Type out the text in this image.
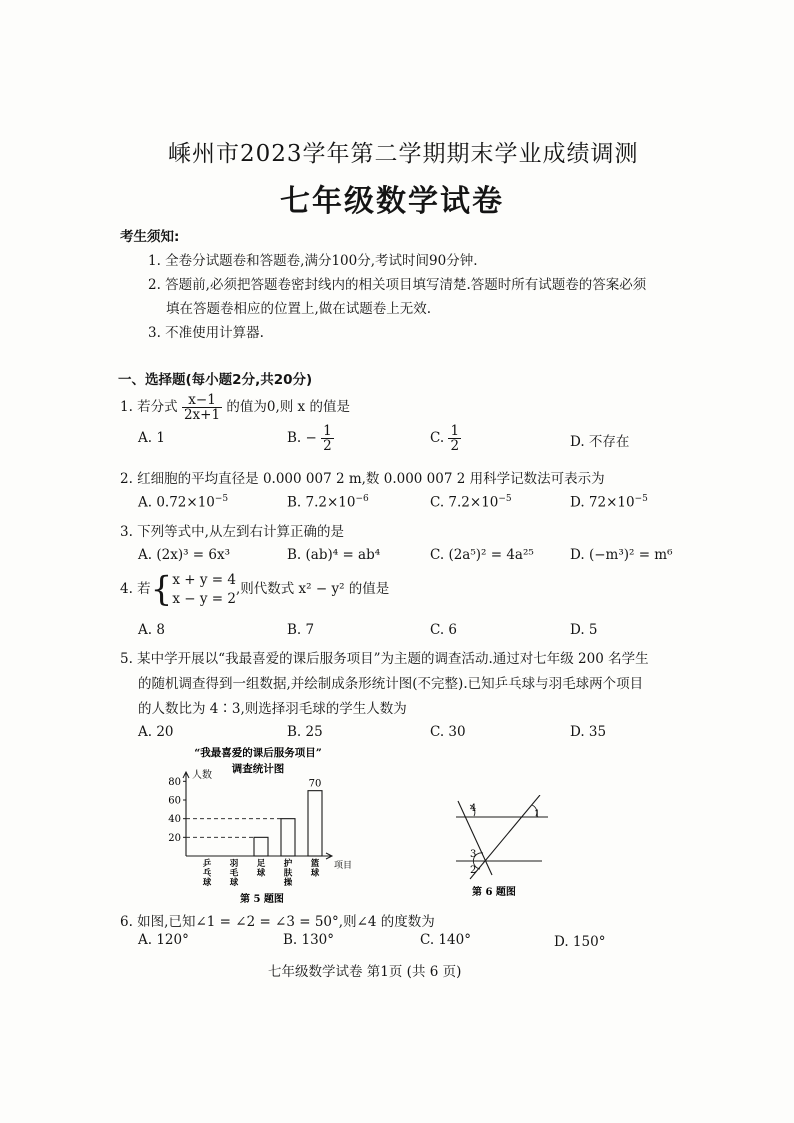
嵊州市2023学年第二学期期末学业成绩调测
七年级数学试卷
考生须知:
1. 全卷分试题卷和答题卷,满分100分,考试时间90分钟.
2. 答题前,必须把答题卷密封线内的相关项目填写清楚.答题时所有试题卷的答案必须
填在答题卷相应的位置上,做在试题卷上无效.
3. 不准使用计算器.
一、选择题(每小题2分,共20分)
1. 若分式 $\frac{x-1}{2x+1}$ 的值为0,则 x 的值是
A. 1	B. − $\frac{1}{2}$	C. $\frac{1}{2}$	D. 不存在
2. 红细胞的平均直径是 0.000 007 2 m,数 0.000 007 2 用科学记数法可表示为
A. $0.72\times 10^{-5}$	B. $7.2\times 10^{-6}$	C. $7.2\times 10^{-5}$	D. $72\times 10^{-5}$
3. 下列等式中,从左到右计算正确的是
A. (2x)³ = 6x³	B. (ab)⁴ = ab⁴	C. (2a⁵)² = 4a²⁵	D. (−m³)² = m⁶
4. 若{ x + y = 4
x − y = 2
,则代数式 x² − y² 的值是
A. 8	B. 7	C. 6	D. 5
5. 某中学开展以“我最喜爱的课后服务项目”为主题的调查活动.通过对七年级 200 名学生
的随机调查得到一组数据,并绘制成条形统计图(不完整).已知乒乓球与羽毛球两个项目
的人数比为 4∶3,则选择羽毛球的学生人数为
A. 20	B. 25	C. 30	D. 35
“我最喜爱的课后服务项目”
调查统计图
人数
项目
20
40
60
80
乒乓球
羽毛球
足球
护肤操
70
篮球
第 5 题图
4
1
3
2
第 6 题图
6. 如图,已知∠1 = ∠2 = ∠3 = 50°,则∠4 的度数为
A. 120°	B. 130°	C. 140°	D. 150°
七年级数学试卷 第1页 (共 6 页)
